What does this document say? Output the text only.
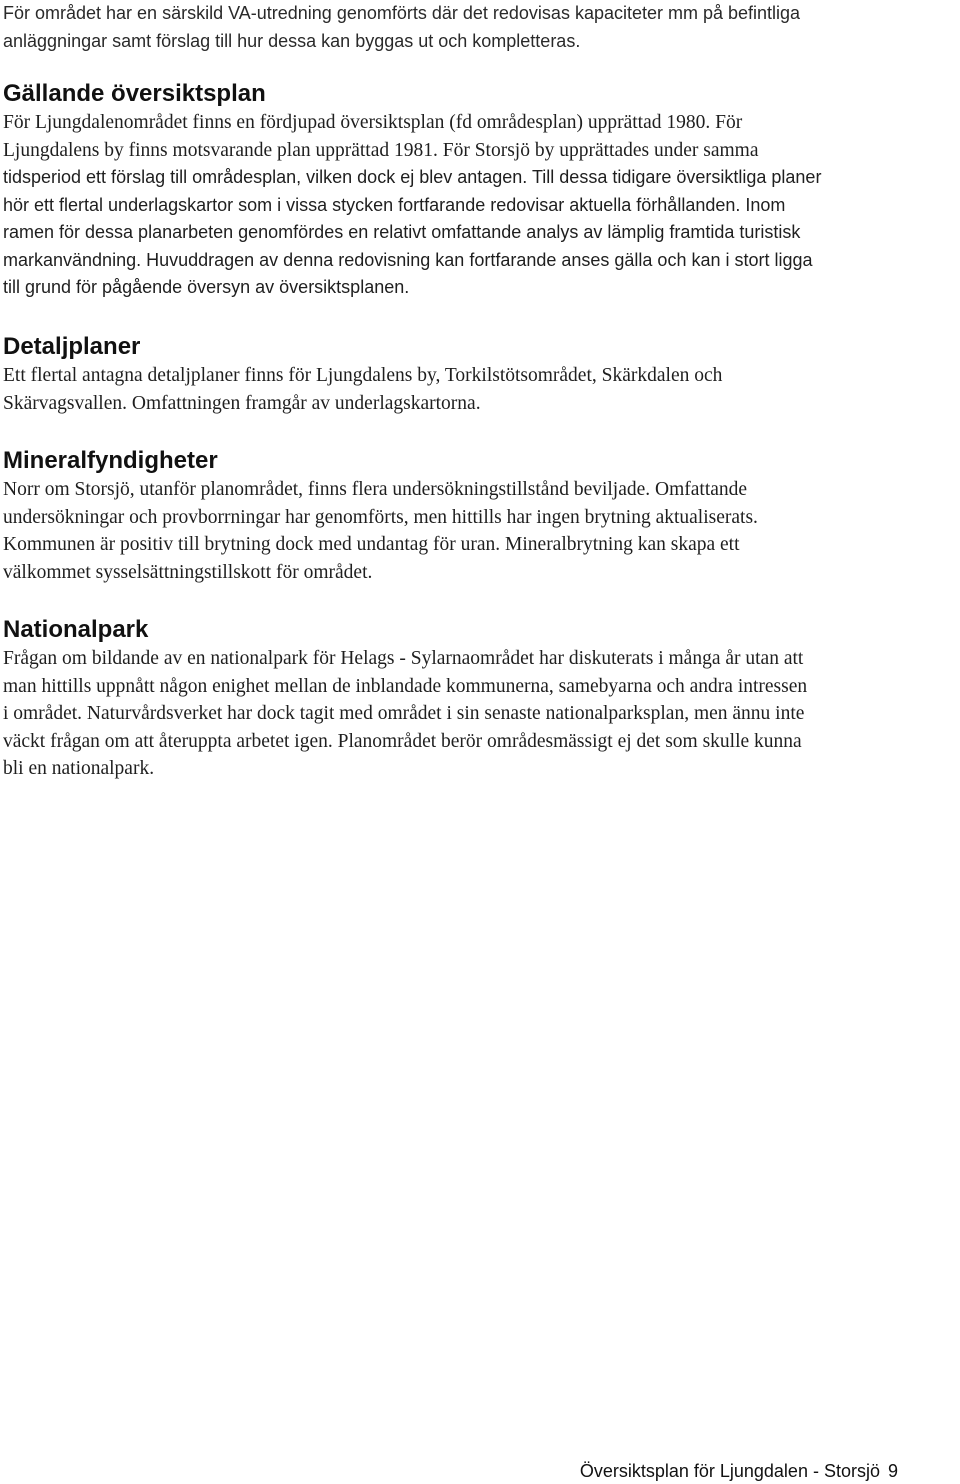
För området har en särskild VA-utredning genomförts där det redovisas kapaciteter mm på befintliga
anläggningar samt förslag till hur dessa kan byggas ut och kompletteras.

Gällande översiktsplan

För Ljungdalenområdet finns en fördjupad översiktsplan (fd områdesplan) upprättad 1980. För
Ljungdalens by finns motsvarande plan upprättad 1981. För Storsjö by upprättades under samma
tidsperiod ett förslag till områdesplan, vilken dock ej blev antagen. Till dessa tidigare översiktliga planer
hör ett flertal underlagskartor som i vissa stycken fortfarande redovisar aktuella förhållanden. Inom
ramen för dessa planarbeten genomfördes en relativt omfattande analys av lämplig framtida turistisk
markanvändning. Huvuddragen av denna redovisning kan fortfarande anses gälla och kan i stort ligga
till grund för pågående översyn av översiktsplanen.

Detaljplaner

Ett flertal antagna detaljplaner finns för Ljungdalens by, Torkilstötsområdet, Skärkdalen och
Skärvagsvallen. Omfattningen framgår av underlagskartorna.

Mineralfyndigheter

Norr om Storsjö, utanför planområdet, finns flera undersökningstillstånd beviljade. Omfattande
undersökningar och provborrningar har genomförts, men hittills har ingen brytning aktualiserats.
Kommunen är positiv till brytning dock med undantag för uran. Mineralbrytning kan skapa ett
välkommet sysselsättningstillskott för området.

Nationalpark

Frågan om bildande av en nationalpark för Helags - Sylarnaområdet har diskuterats i många år utan att
man hittills uppnått någon enighet mellan de inblandade kommunerna, samebyarna och andra intressen
i området. Naturvårdsverket har dock tagit med området i sin senaste nationalparksplan, men ännu inte
väckt frågan om att återuppta arbetet igen. Planområdet berör områdesmässigt ej det som skulle kunna
bli en nationalpark.

Översiktsplan för Ljungdalen - Storsjö 9
